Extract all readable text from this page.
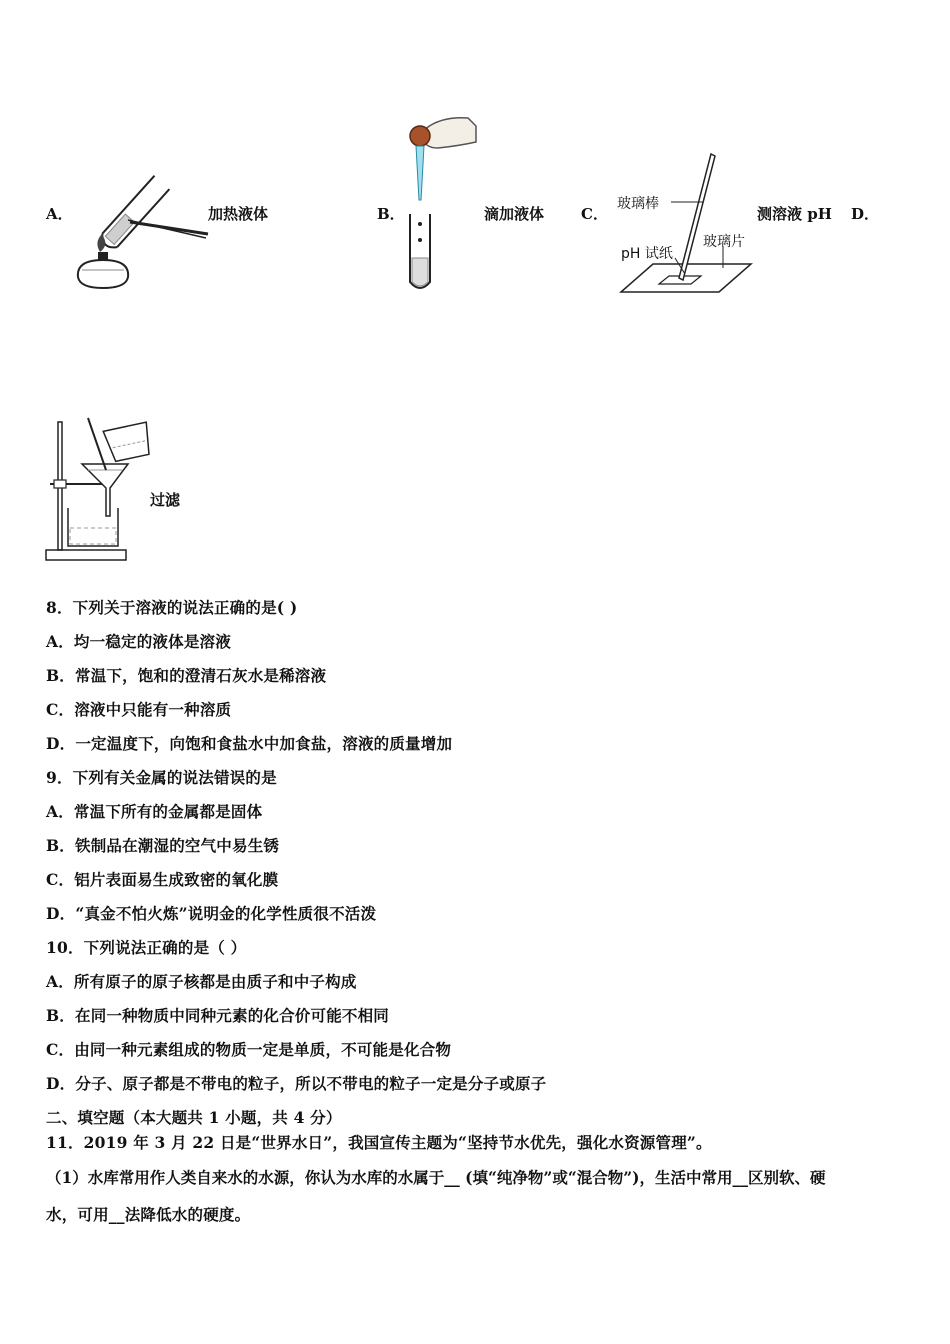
A．	加热液体	B．	滴加液体 C．
玻璃棒
pH 试纸
玻璃片
测溶液 pH D．
过滤
8．下列关于溶液的说法正确的是( )
A．均一稳定的液体是溶液
B．常温下，饱和的澄清石灰水是稀溶液
C．溶液中只能有一种溶质
D．一定温度下，向饱和食盐水中加食盐，溶液的质量增加
9．下列有关金属的说法错误的是
A．常温下所有的金属都是固体
B．铁制品在潮湿的空气中易生锈
C．铝片表面易生成致密的氧化膜
D．“真金不怕火炼”说明金的化学性质很不活泼
10．下列说法正确的是（ ）
A．所有原子的原子核都是由质子和中子构成
B．在同一种物质中同种元素的化合价可能不相同
C．由同一种元素组成的物质一定是单质，不可能是化合物
D．分子、原子都是不带电的粒子，所以不带电的粒子一定是分子或原子
二、填空题（本大题共 1 小题，共 4 分）
11．2019 年 3 月 22 日是“世界水日”，我国宣传主题为“坚持节水优先，强化水资源管理”。
（1）水库常用作人类自来水的水源，你认为水库的水属于__ (填“纯净物”或“混合物”)，生活中常用__区别软、硬
水，可用__法降低水的硬度。
